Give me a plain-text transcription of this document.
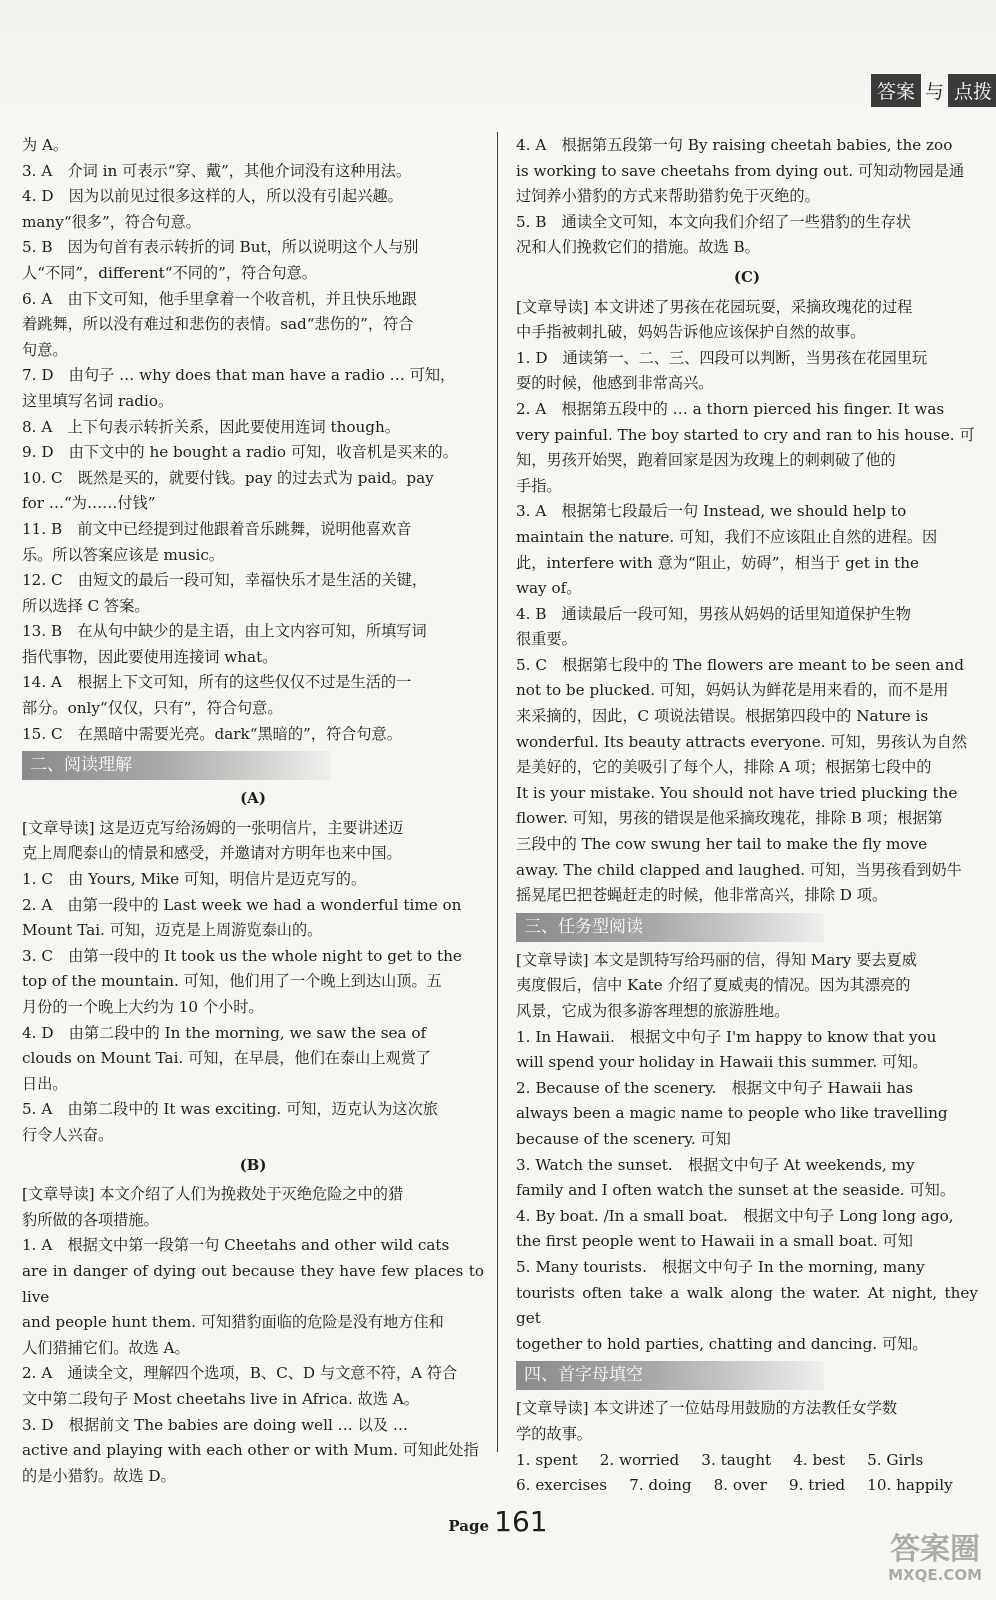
答案 与 点拨

为 A。

3. A　介词 in 可表示“穿、戴”，其他介词没有这种用法。

4. D　因为以前见过很多这样的人，所以没有引起兴趣。

many“很多”，符合句意。

5. B　因为句首有表示转折的词 But，所以说明这个人与别

人“不同”，different“不同的”，符合句意。

6. A　由下文可知，他手里拿着一个收音机，并且快乐地跟

着跳舞，所以没有难过和悲伤的表情。sad“悲伤的”，符合

句意。

7. D　由句子 … why does that man have a radio … 可知，

这里填写名词 radio。

8. A　上下句表示转折关系，因此要使用连词 though。

9. D　由下文中的 he bought a radio 可知，收音机是买来的。

10. C　既然是买的，就要付钱。pay 的过去式为 paid。pay

for …“为……付钱”

11. B　前文中已经提到过他跟着音乐跳舞，说明他喜欢音

乐。所以答案应该是 music。

12. C　由短文的最后一段可知，幸福快乐才是生活的关键，

所以选择 C 答案。

13. B　在从句中缺少的是主语，由上文内容可知，所填写词

指代事物，因此要使用连接词 what。

14. A　根据上下文可知，所有的这些仅仅不过是生活的一

部分。only“仅仅，只有”，符合句意。

15. C　在黑暗中需要光亮。dark“黑暗的”，符合句意。

二、阅读理解
(A)

[文章导读] 这是迈克写给汤姆的一张明信片，主要讲述迈

克上周爬泰山的情景和感受，并邀请对方明年也来中国。

1. C　由 Yours, Mike 可知，明信片是迈克写的。

2. A　由第一段中的 Last week we had a wonderful time on

Mount Tai. 可知，迈克是上周游览泰山的。

3. C　由第一段中的 It took us the whole night to get to the

top of the mountain. 可知，他们用了一个晚上到达山顶。五

月份的一个晚上大约为 10 个小时。

4. D　由第二段中的 In the morning, we saw the sea of

clouds on Mount Tai. 可知，在早晨，他们在泰山上观赏了

日出。

5. A　由第二段中的 It was exciting. 可知，迈克认为这次旅

行令人兴奋。

(B)

[文章导读] 本文介绍了人们为挽救处于灭绝危险之中的猎

豹所做的各项措施。

1. A　根据文中第一段第一句 Cheetahs and other wild cats

are in danger of dying out because they have few places to live

and people hunt them. 可知猎豹面临的危险是没有地方住和

人们猎捕它们。故选 A。

2. A　通读全文，理解四个选项，B、C、D 与文意不符，A 符合

文中第二段句子 Most cheetahs live in Africa. 故选 A。

3. D　根据前文 The babies are doing well … 以及 …

active and playing with each other or with Mum. 可知此处指

的是小猎豹。故选 D。

4. A　根据第五段第一句 By raising cheetah babies, the zoo

is working to save cheetahs from dying out. 可知动物园是通

过饲养小猎豹的方式来帮助猎豹免于灭绝的。

5. B　通读全文可知，本文向我们介绍了一些猎豹的生存状

况和人们挽救它们的措施。故选 B。

(C)

[文章导读] 本文讲述了男孩在花园玩耍，采摘玫瑰花的过程

中手指被刺扎破，妈妈告诉他应该保护自然的故事。

1. D　通读第一、二、三、四段可以判断，当男孩在花园里玩

耍的时候，他感到非常高兴。

2. A　根据第五段中的 … a thorn pierced his finger. It was

very painful. The boy started to cry and ran to his house. 可

知，男孩开始哭，跑着回家是因为玫瑰上的刺刺破了他的

手指。

3. A　根据第七段最后一句 Instead, we should help to

maintain the nature. 可知，我们不应该阻止自然的进程。因

此，interfere with 意为“阻止，妨碍”，相当于 get in the

way of。

4. B　通读最后一段可知，男孩从妈妈的话里知道保护生物

很重要。

5. C　根据第七段中的 The flowers are meant to be seen and

not to be plucked. 可知，妈妈认为鲜花是用来看的，而不是用

来采摘的，因此，C 项说法错误。根据第四段中的 Nature is

wonderful. Its beauty attracts everyone. 可知，男孩认为自然

是美好的，它的美吸引了每个人，排除 A 项；根据第七段中的

It is your mistake. You should not have tried plucking the

flower. 可知，男孩的错误是他采摘玫瑰花，排除 B 项；根据第

三段中的 The cow swung her tail to make the fly move

away. The child clapped and laughed. 可知，当男孩看到奶牛

摇晃尾巴把苍蝇赶走的时候，他非常高兴，排除 D 项。

三、任务型阅读

[文章导读] 本文是凯特写给玛丽的信，得知 Mary 要去夏威

夷度假后，信中 Kate 介绍了夏威夷的情况。因为其漂亮的

风景，它成为很多游客理想的旅游胜地。

1. In Hawaii.　根据文中句子 I'm happy to know that you

will spend your holiday in Hawaii this summer. 可知。

2. Because of the scenery.　根据文中句子 Hawaii has

always been a magic name to people who like travelling

because of the scenery. 可知

3. Watch the sunset.　根据文中句子 At weekends, my

family and I often watch the sunset at the seaside. 可知。

4. By boat. /In a small boat.　根据文中句子 Long long ago,

the first people went to Hawaii in a small boat. 可知

5. Many tourists.　根据文中句子 In the morning, many

tourists often take a walk along the water. At night, they get

together to hold parties, chatting and dancing. 可知。

四、首字母填空

[文章导读] 本文讲述了一位姑母用鼓励的方法教任女学数

学的故事。

1. spent 2. worried 3. taught 4. best 5. Girls
6. exercises 7. doing 8. over 9. tried 10. happily
Page 161
答案圈
MXQE.COM
